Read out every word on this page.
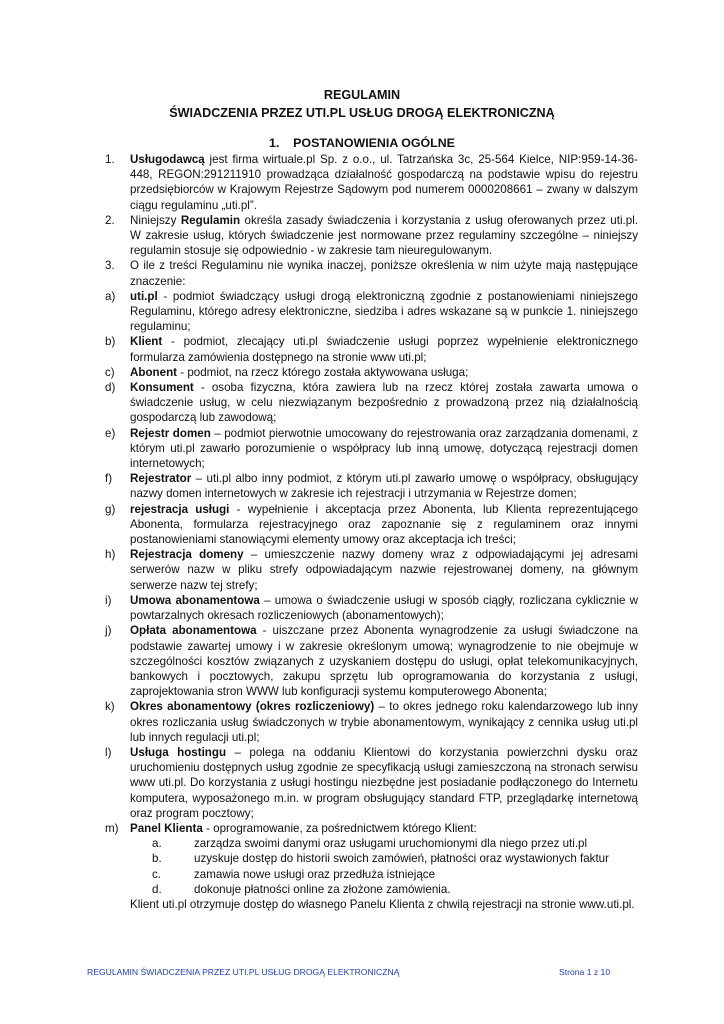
REGULAMIN
ŚWIADCZENIA PRZEZ UTI.PL USŁUG DROGĄ ELEKTRONICZNĄ
1. POSTANOWIENIA OGÓLNE
1. Usługodawcą jest firma wirtuale.pl Sp. z o.o., ul. Tatrzańska 3c, 25-564 Kielce, NIP:959-14-36-448, REGON:291211910 prowadząca działalność gospodarczą na podstawie wpisu do rejestru przedsiębiorców w Krajowym Rejestrze Sądowym pod numerem 0000208661 – zwany w dalszym ciągu regulaminu „uti.pl”.
2. Niniejszy Regulamin określa zasady świadczenia i korzystania z usług oferowanych przez uti.pl. W zakresie usług, których świadczenie jest normowane przez regulaminy szczególne – niniejszy regulamin stosuje się odpowiednio - w zakresie tam nieuregulowanym.
3. O ile z treści Regulaminu nie wynika inaczej, poniższe określenia w nim użyte mają następujące znaczenie:
a) uti.pl - podmiot świadczący usługi drogą elektroniczną zgodnie z postanowieniami niniejszego Regulaminu, którego adresy elektroniczne, siedziba i adres wskazane są w punkcie 1. niniejszego regulaminu;
b) Klient - podmiot, zlecający uti.pl świadczenie usługi poprzez wypełnienie elektronicznego formularza zamówienia dostępnego na stronie www uti.pl;
c) Abonent - podmiot, na rzecz którego została aktywowana usługa;
d) Konsument - osoba fizyczna, która zawiera lub na rzecz której została zawarta umowa o świadczenie usług, w celu niezwiązanym bezpośrednio z prowadzoną przez nią działalnością gospodarczą lub zawodową;
e) Rejestr domen – podmiot pierwotnie umocowany do rejestrowania oraz zarządzania domenami, z którym uti.pl zawarło porozumienie o współpracy lub inną umowę, dotyczącą rejestracji domen internetowych;
f) Rejestrator – uti.pl albo inny podmiot, z którym uti.pl zawarło umowę o współpracy, obsługujący nazwy domen internetowych w zakresie ich rejestracji i utrzymania w Rejestrze domen;
g) rejestracja usługi - wypełnienie i akceptacja przez Abonenta, lub Klienta reprezentującego Abonenta, formularza rejestracyjnego oraz zapoznanie się z regulaminem oraz innymi postanowieniami stanowiącymi elementy umowy oraz akceptacja ich treści;
h) Rejestracja domeny – umieszczenie nazwy domeny wraz z odpowiadającymi jej adresami serwerów nazw w pliku strefy odpowiadającym nazwie rejestrowanej domeny, na głównym serwerze nazw tej strefy;
i) Umowa abonamentowa – umowa o świadczenie usługi w sposób ciągły, rozliczana cyklicznie w powtarzalnych okresach rozliczeniowych (abonamentowych);
j) Opłata abonamentowa - uiszczane przez Abonenta wynagrodzenie za usługi świadczone na podstawie zawartej umowy i w zakresie określonym umową; wynagrodzenie to nie obejmuje w szczególności kosztów związanych z uzyskaniem dostępu do usługi, opłat telekomunikacyjnych, bankowych i pocztowych, zakupu sprzętu lub oprogramowania do korzystania z usługi, zaprojektowania stron WWW lub konfiguracji systemu komputerowego Abonenta;
k) Okres abonamentowy (okres rozliczeniowy) – to okres jednego roku kalendarzowego lub inny okres rozliczania usług świadczonych w trybie abonamentowym, wynikający z cennika usług uti.pl lub innych regulacji uti.pl;
l) Usługa hostingu – polega na oddaniu Klientowi do korzystania powierzchni dysku oraz uruchomieniu dostępnych usług zgodnie ze specyfikacją usługi zamieszczoną na stronach serwisu www uti.pl. Do korzystania z usługi hostingu niezbędne jest posiadanie podłączonego do Internetu komputera, wyposażonego m.in. w program obsługujący standard FTP, przeglądarkę internetową oraz program pocztowy;
m) Panel Klienta - oprogramowanie, za pośrednictwem którego Klient:
a.	zarządza swoimi danymi oraz usługami uruchomionymi dla niego przez uti.pl
b.	uzyskuje dostęp do historii swoich zamówień, płatności oraz wystawionych faktur
c.	zamawia nowe usługi oraz przedłuża istniejące
d.	dokonuje płatności online za złożone zamówienia.
Klient uti.pl otrzymuje dostęp do własnego Panelu Klienta z chwilą rejestracji na stronie www.uti.pl.
REGULAMIN ŚWIADCZENIA PRZEZ UTI.PL USŁUG DROGĄ ELEKTRONICZNĄ	Strona 1 z 10
